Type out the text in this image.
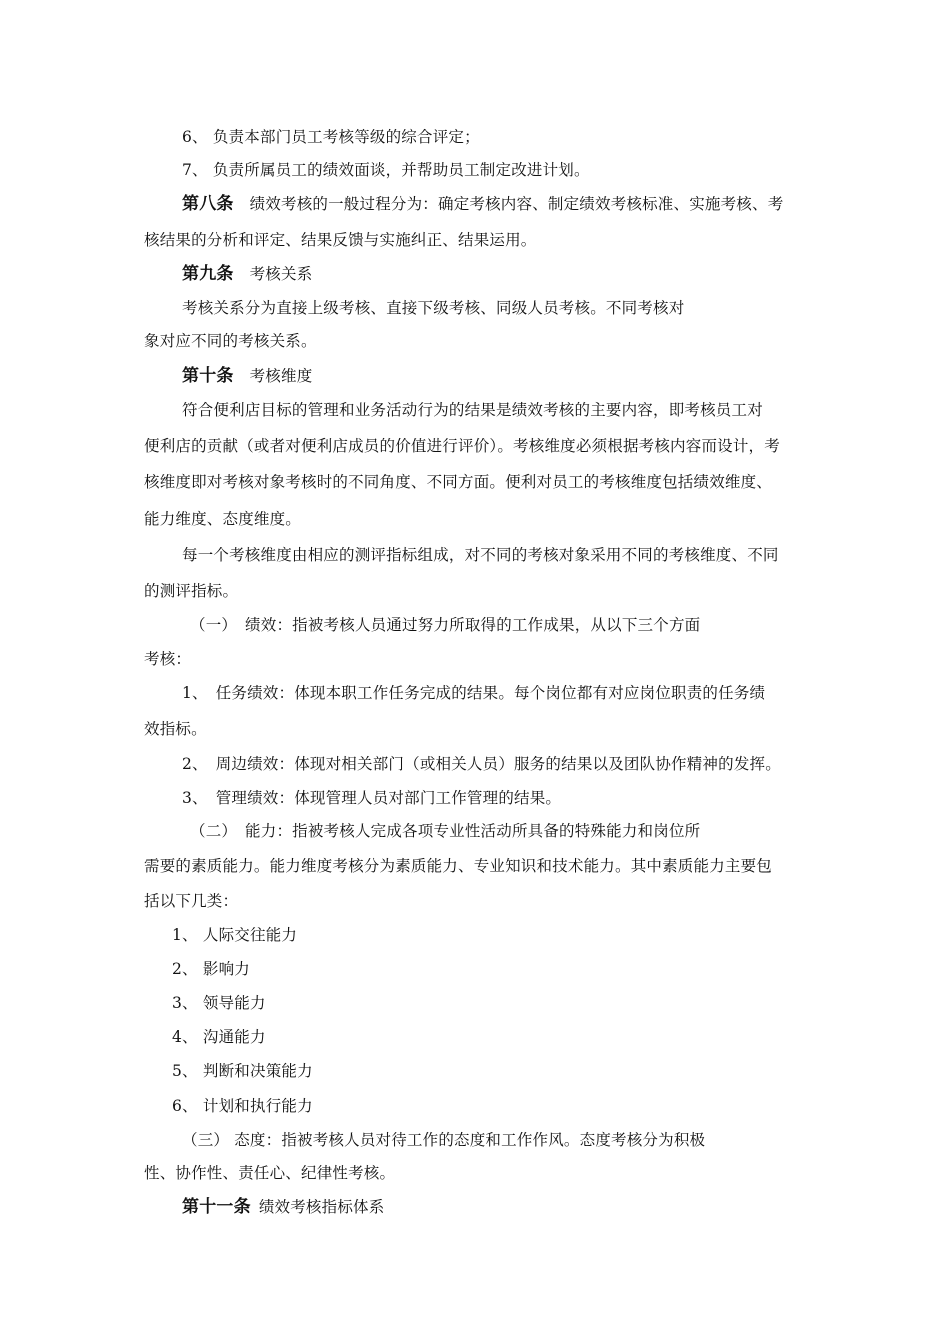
6、 负责本部门员工考核等级的综合评定；
7、 负责所属员工的绩效面谈，并帮助员工制定改进计划。
第八条 绩效考核的一般过程分为：确定考核内容、制定绩效考核标准、实施考核、考
核结果的分析和评定、结果反馈与实施纠正、结果运用。
第九条 考核关系
考核关系分为直接上级考核、直接下级考核、同级人员考核。不同考核对
象对应不同的考核关系。
第十条 考核维度
符合便利店目标的管理和业务活动行为的结果是绩效考核的主要内容，即考核员工对
便利店的贡献（或者对便利店成员的价值进行评价）。考核维度必须根据考核内容而设计，考
核维度即对考核对象考核时的不同角度、不同方面。便利对员工的考核维度包括绩效维度、
能力维度、态度维度。
每一个考核维度由相应的测评指标组成，对不同的考核对象采用不同的考核维度、不同
的测评指标。
（一）　绩效：指被考核人员通过努力所取得的工作成果，从以下三个方面
考核：
1、　任务绩效：体现本职工作任务完成的结果。每个岗位都有对应岗位职责的任务绩
效指标。
2、　周边绩效：体现对相关部门（或相关人员）服务的结果以及团队协作精神的发挥。
3、　管理绩效：体现管理人员对部门工作管理的结果。
（二）　能力：指被考核人完成各项专业性活动所具备的特殊能力和岗位所
需要的素质能力。能力维度考核分为素质能力、专业知识和技术能力。其中素质能力主要包
括以下几类：
1、 人际交往能力
2、 影响力
3、 领导能力
4、 沟通能力
5、 判断和决策能力
6、 计划和执行能力
（三） 态度：指被考核人员对待工作的态度和工作作风。态度考核分为积极
性、协作性、责任心、纪律性考核。
第十一条 绩效考核指标体系
